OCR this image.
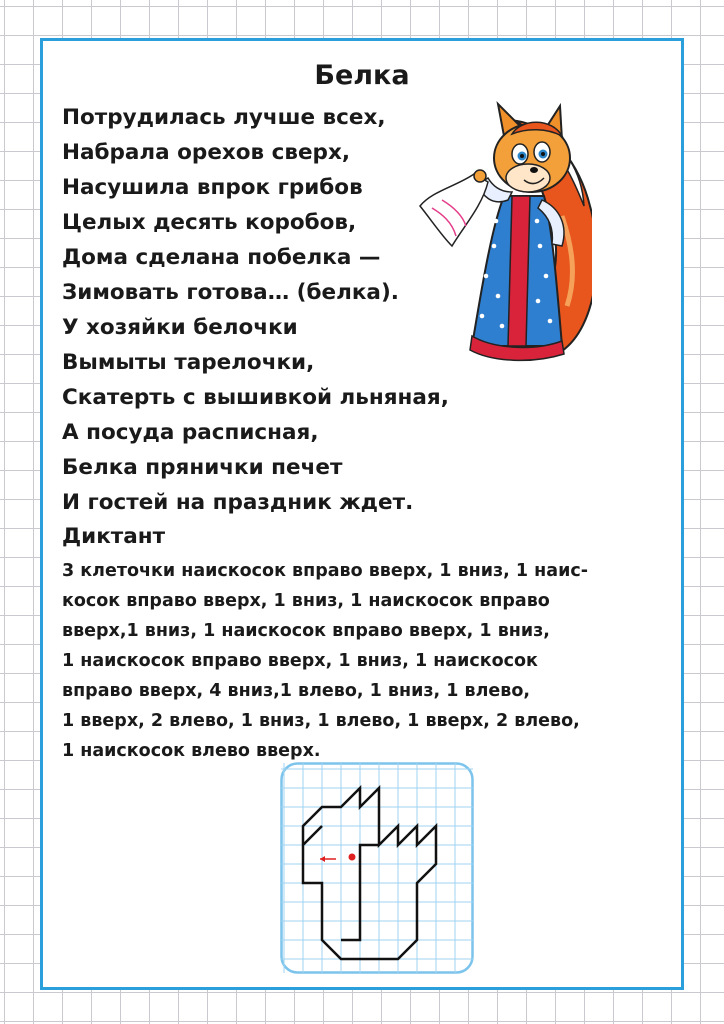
Белка
Потрудилась лучше всех,
Набрала орехов сверх,
Насушила впрок грибов
Целых десять коробов,
Дома сделана побелка —
Зимовать готова… (белка).
У хозяйки белочки
Вымыты тарелочки,
Скатерть с вышивкой льняная,
А посуда расписная,
Белка прянички печет
И гостей на праздник ждет.
Диктант
3 клеточки наискосок вправо вверх, 1 вниз, 1 наис-
косок вправо вверх, 1 вниз, 1 наискосок вправо
вверх,1 вниз, 1 наискосок вправо вверх, 1 вниз,
1 наискосок вправо вверх, 1 вниз, 1 наискосок
вправо вверх, 4 вниз,1 влево, 1 вниз, 1 влево,
1 вверх, 2 влево, 1 вниз, 1 влево, 1 вверх, 2 влево,
1 наискосок влево вверх.
